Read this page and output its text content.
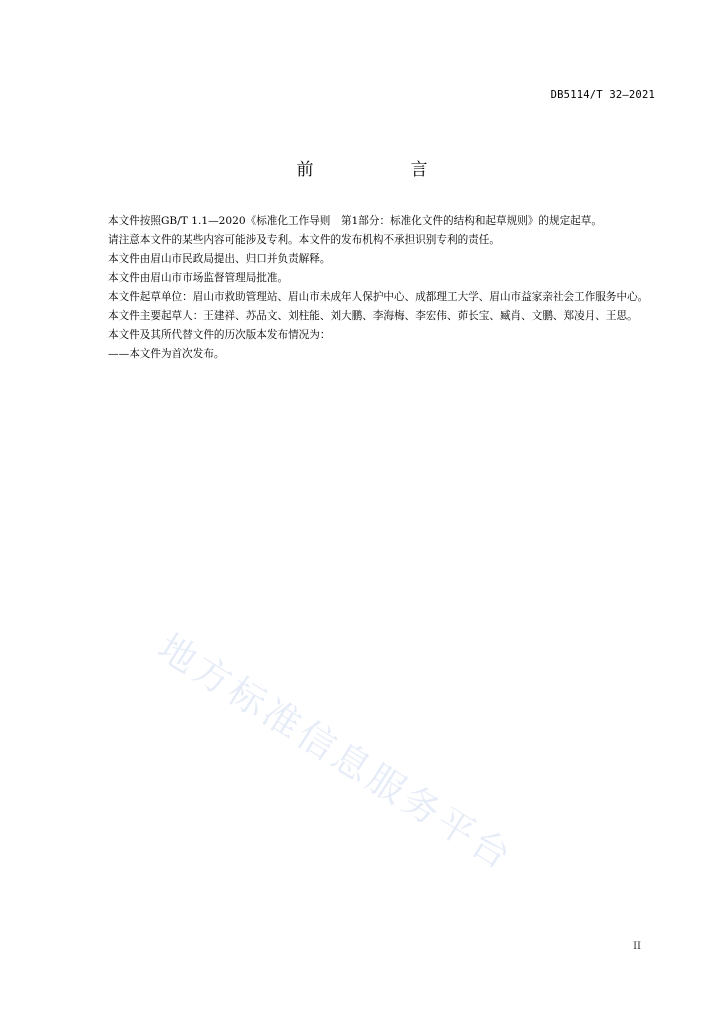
DB5114/T 32—2021
前　言

本文件按照GB/T 1.1—2020《标准化工作导则　第1部分：标准化文件的结构和起草规则》的规定起草。

请注意本文件的某些内容可能涉及专利。本文件的发布机构不承担识别专利的责任。

本文件由眉山市民政局提出、归口并负责解释。

本文件由眉山市市场监督管理局批准。

本文件起草单位：眉山市救助管理站、眉山市未成年人保护中心、成都理工大学、眉山市益家亲社会工作服务中心。

本文件主要起草人：王建祥、苏品文、刘柱能、刘大鹏、李海梅、李宏伟、茆长宝、臧肖、文鹏、郑凌月、王思。

本文件及其所代替文件的历次版本发布情况为：

——本文件为首次发布。

地方标准信息服务平台
II
